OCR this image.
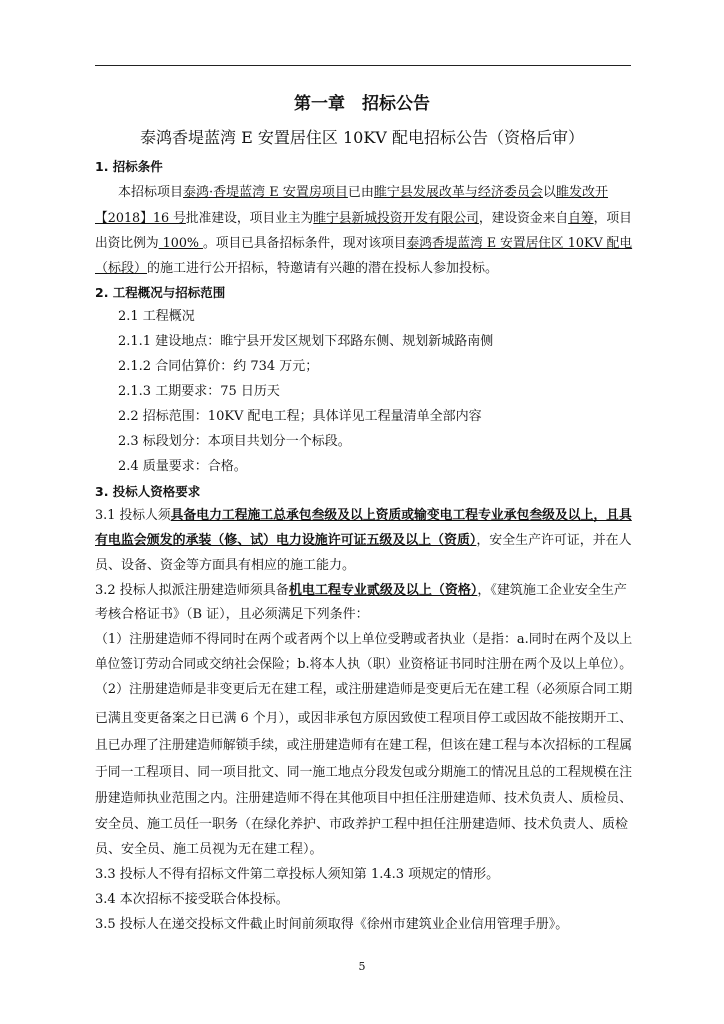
第一章　招标公告
泰鸿香堤蓝湾 E 安置居住区 10KV 配电招标公告（资格后审）
1. 招标条件
本招标项目泰鸿·香堤蓝湾 E 安置房项目已由睢宁县发展改革与经济委员会以睢发改开
【2018】16 号批准建设，项目业主为睢宁县新城投资开发有限公司，建设资金来自自筹，项目
出资比例为 100% 。项目已具备招标条件，现对该项目泰鸿香堤蓝湾 E 安置居住区 10KV 配电
（标段）的施工进行公开招标，特邀请有兴趣的潜在投标人参加投标。
2. 工程概况与招标范围
2.1 工程概况
2.1.1 建设地点：睢宁县开发区规划下邳路东侧、规划新城路南侧
2.1.2 合同估算价：约 734 万元；
2.1.3 工期要求：75 日历天
2.2 招标范围：10KV 配电工程；具体详见工程量清单全部内容
2.3 标段划分：本项目共划分一个标段。
2.4 质量要求：合格。
3. 投标人资格要求
3.1 投标人须具备电力工程施工总承包叁级及以上资质或输变电工程专业承包叁级及以上，且具
有电监会颁发的承装（修、试）电力设施许可证五级及以上（资质），安全生产许可证，并在人
员、设备、资金等方面具有相应的施工能力。
3.2 投标人拟派注册建造师须具备机电工程专业贰级及以上（资格），《建筑施工企业安全生产
考核合格证书》（B 证），且必须满足下列条件：
（1）注册建造师不得同时在两个或者两个以上单位受聘或者执业（是指：a.同时在两个及以上
单位签订劳动合同或交纳社会保险；b.将本人执（职）业资格证书同时注册在两个及以上单位）。
（2）注册建造师是非变更后无在建工程，或注册建造师是变更后无在建工程（必须原合同工期
已满且变更备案之日已满 6 个月），或因非承包方原因致使工程项目停工或因故不能按期开工、
且已办理了注册建造师解锁手续，或注册建造师有在建工程，但该在建工程与本次招标的工程属
于同一工程项目、同一项目批文、同一施工地点分段发包或分期施工的情况且总的工程规模在注
册建造师执业范围之内。注册建造师不得在其他项目中担任注册建造师、技术负责人、质检员、
安全员、施工员任一职务（在绿化养护、市政养护工程中担任注册建造师、技术负责人、质检
员、安全员、施工员视为无在建工程）。
3.3 投标人不得有招标文件第二章投标人须知第 1.4.3 项规定的情形。
3.4 本次招标不接受联合体投标。
3.5 投标人在递交投标文件截止时间前须取得《徐州市建筑业企业信用管理手册》。
5
